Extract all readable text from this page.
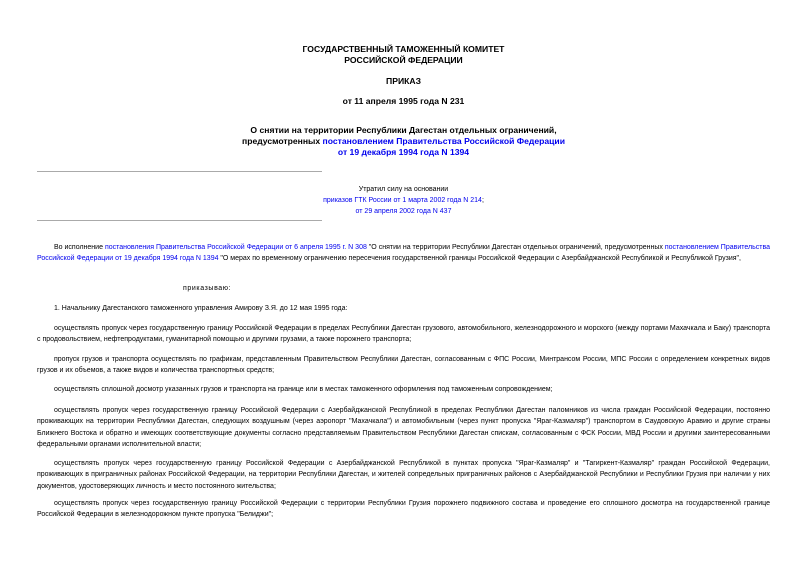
ГОСУДАРСТВЕННЫЙ ТАМОЖЕННЫЙ КОМИТЕТ
РОССИЙСКОЙ ФЕДЕРАЦИИ
ПРИКАЗ
от 11 апреля 1995 года N 231
О снятии на территории Республики Дагестан отдельных ограничений,
предусмотренных постановлением Правительства Российской Федерации
от 19 декабря 1994 года N 1394
Утратил силу на основании
приказов ГТК России от 1 марта 2002 года N 214;
от 29 апреля 2002 года N 437

Во исполнение постановления Правительства Российской Федерации от 6 апреля 1995 г. N 308 "О снятии на территории Республики Дагестан отдельных ограничений, предусмотренных постановлением Правительства Российской Федерации от 19 декабря 1994 года N 1394 "О мерах по временному ограничению пересечения государственной границы Российской Федерации с Азербайджанской Республикой и Республикой Грузия",

приказываю:

1. Начальнику Дагестанского таможенного управления Амирову З.Я. до 12 мая 1995 года:

осуществлять пропуск через государственную границу Российской Федерации в пределах Республики Дагестан грузового, автомобильного, железнодорожного и морского (между портами Махачкала и Баку) транспорта с продовольствием, нефтепродуктами, гуманитарной помощью и другими грузами, а также порожнего транспорта;

пропуск грузов и транспорта осуществлять по графикам, представленным Правительством Республики Дагестан, согласованным с ФПС России, Минтрансом России, МПС России с определением конкретных видов грузов и их объемов, а также видов и количества транспортных средств;

осуществлять сплошной досмотр указанных грузов и транспорта на границе или в местах таможенного оформления под таможенным сопровождением;

осуществлять пропуск через государственную границу Российской Федерации с Азербайджанской Республикой в пределах Республики Дагестан паломников из числа граждан Российской Федерации, постоянно проживающих на территории Республики Дагестан, следующих воздушным (через аэропорт "Махачкала") и автомобильным (через пункт пропуска "Яраг-Казмаляр") транспортом в Саудовскую Аравию и другие страны Ближнего Востока и обратно и имеющих соответствующие документы согласно представляемым Правительством Республики Дагестан спискам, согласованным с ФСК России, МВД России и другими заинтересованными федеральными органами исполнительной власти;

осуществлять пропуск через государственную границу Российской Федерации с Азербайджанской Республикой в пунктах пропуска "Яраг-Казмаляр" и "Тагиркент-Казмаляр" граждан Российской Федерации, проживающих в приграничных районах Российской Федерации, на территории Республики Дагестан, и жителей сопредельных приграничных районов с Азербайджанской Республики и Республики Грузия при наличии у них документов, удостоверяющих личность и место постоянного жительства;

осуществлять пропуск через государственную границу Российской Федерации с территории Республики Грузия порожнего подвижного состава и проведение его сплошного досмотра на государственной границе Российской Федерации в железнодорожном пункте пропуска "Белиджи";
